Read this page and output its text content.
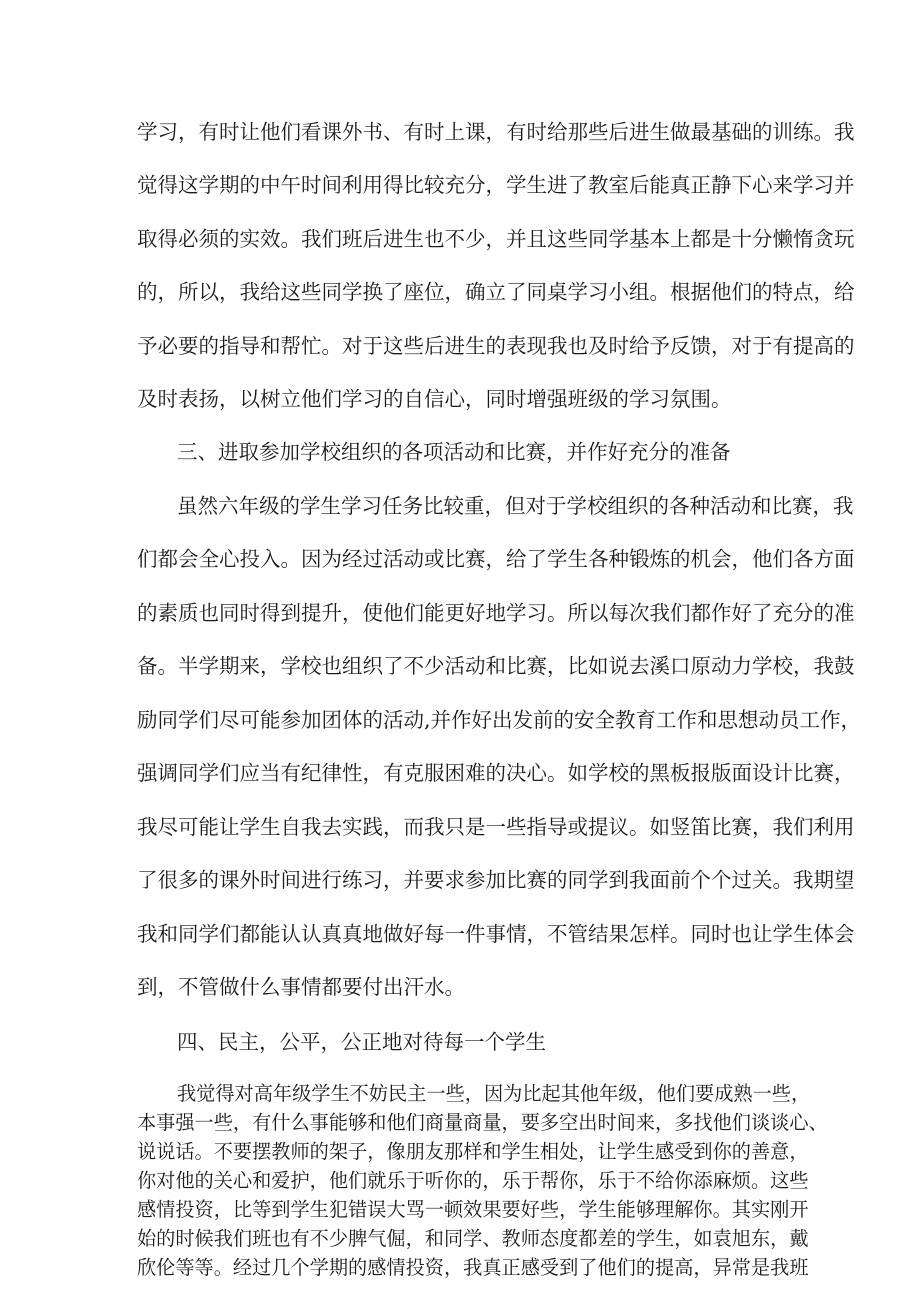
学习，有时让他们看课外书、有时上课，有时给那些后进生做最基础的训练。我
觉得这学期的中午时间利用得比较充分，学生进了教室后能真正静下心来学习并
取得必须的实效。我们班后进生也不少，并且这些同学基本上都是十分懒惰贪玩
的，所以，我给这些同学换了座位，确立了同桌学习小组。根据他们的特点，给
予必要的指导和帮忙。对于这些后进生的表现我也及时给予反馈，对于有提高的
及时表扬，以树立他们学习的自信心，同时增强班级的学习氛围。
三、进取参加学校组织的各项活动和比赛，并作好充分的准备
虽然六年级的学生学习任务比较重，但对于学校组织的各种活动和比赛，我
们都会全心投入。因为经过活动或比赛，给了学生各种锻炼的机会，他们各方面
的素质也同时得到提升，使他们能更好地学习。所以每次我们都作好了充分的准
备。半学期来，学校也组织了不少活动和比赛，比如说去溪口原动力学校，我鼓
励同学们尽可能参加团体的活动,并作好出发前的安全教育工作和思想动员工作，
强调同学们应当有纪律性，有克服困难的决心。如学校的黑板报版面设计比赛，
我尽可能让学生自我去实践，而我只是一些指导或提议。如竖笛比赛，我们利用
了很多的课外时间进行练习，并要求参加比赛的同学到我面前个个过关。我期望
我和同学们都能认认真真地做好每一件事情，不管结果怎样。同时也让学生体会
到，不管做什么事情都要付出汗水。
四、民主，公平，公正地对待每一个学生
我觉得对高年级学生不妨民主一些，因为比起其他年级，他们要成熟一些，
本事强一些，有什么事能够和他们商量商量，要多空出时间来，多找他们谈谈心、
说说话。不要摆教师的架子，像朋友那样和学生相处，让学生感受到你的善意，
你对他的关心和爱护，他们就乐于听你的，乐于帮你，乐于不给你添麻烦。这些
感情投资，比等到学生犯错误大骂一顿效果要好些，学生能够理解你。其实刚开
始的时候我们班也有不少脾气倔，和同学、教师态度都差的学生，如袁旭东，戴
欣伦等等。经过几个学期的感情投资，我真正感受到了他们的提高，异常是我班
